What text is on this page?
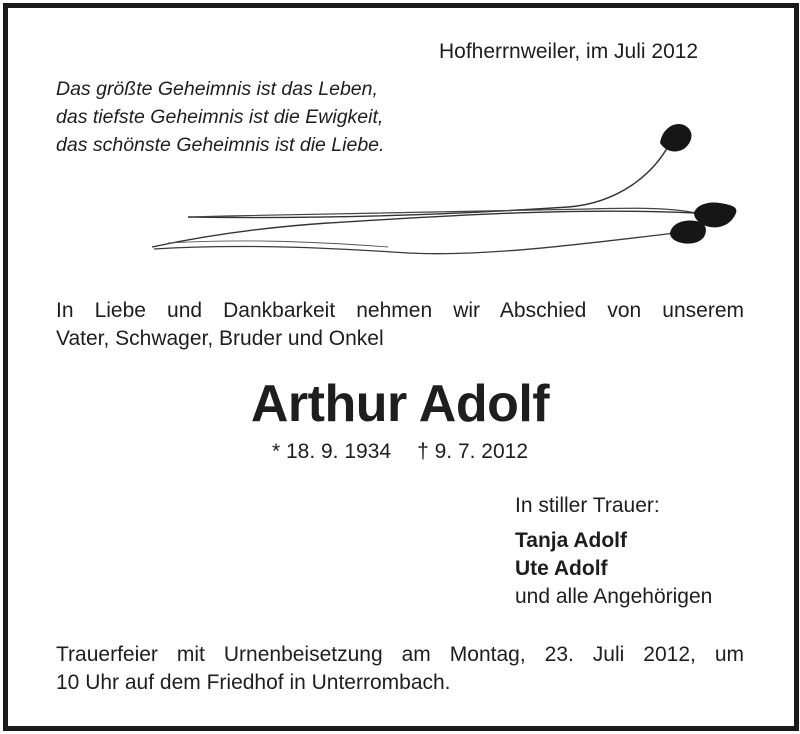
Hofherrnweiler, im Juli 2012
Das größte Geheimnis ist das Leben,
das tiefste Geheimnis ist die Ewigkeit,
das schönste Geheimnis ist die Liebe.
In Liebe und Dankbarkeit nehmen wir Abschied von unserem
Vater, Schwager, Bruder und Onkel
Arthur Adolf
* 18. 9. 1934 † 9. 7. 2012
In stiller Trauer:
Tanja Adolf
Ute Adolf
und alle Angehörigen
Trauerfeier mit Urnenbeisetzung am Montag, 23. Juli 2012, um
10 Uhr auf dem Friedhof in Unterrombach.
